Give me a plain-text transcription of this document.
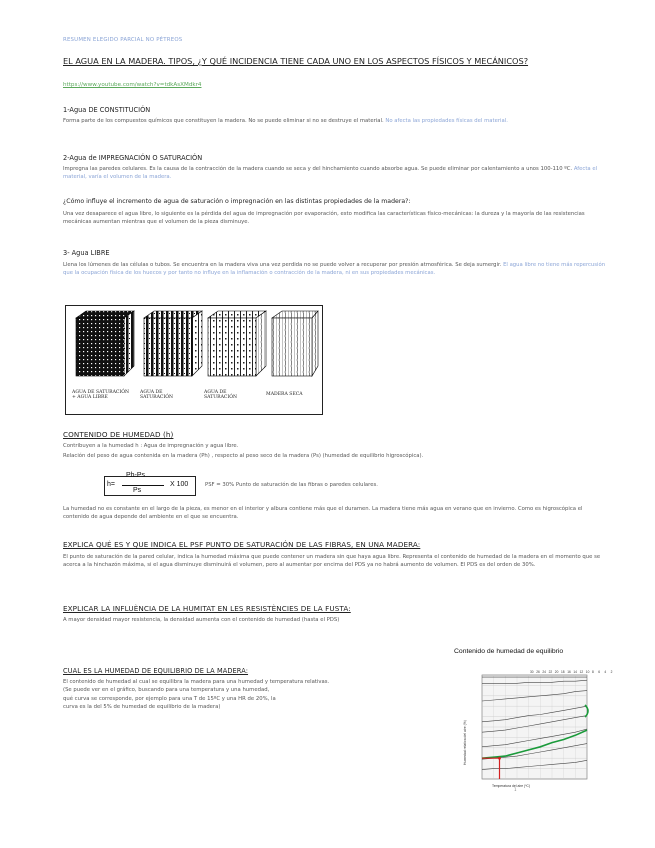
RESUMEN ELEGIDO PARCIAL NO PÉTREOS
EL AGUA EN LA MADERA. TIPOS, ¿Y QUÉ INCIDENCIA TIENE CADA UNO EN LOS ASPECTOS FÍSICOS Y MECÁNICOS?
https://www.youtube.com/watch?v=tdkAsXMdkr4
1-Agua DE CONSTITUCIÓN
Forma parte de los compuestos químicos que constituyen la madera. No se puede eliminar si no se destruye el material. No afecta las propiedades físicas del material.
2-Agua de IMPREGNACIÓN O SATURACIÓN
Impregna las paredes celulares. Es la causa de la contracción de la madera cuando se seca y del hinchamiento cuando absorbe agua. Se puede eliminar por calentamiento a unos 100-110 ºC. Afecta el material, varía el volumen de la madera.
¿Cómo influye el incremento de agua de saturación o impregnación en las distintas propiedades de la madera?:
Una vez desaparece el agua libre, lo siguiente es la pérdida del agua de impregnación por evaporación, esto modifica las características físico-mecánicas: la dureza y la mayoría de las resistencias mecánicas aumentan mientras que el volumen de la pieza disminuye.
3- Agua LIBRE
Llena los lúmenes de las células o tubos. Se encuentra en la madera viva una vez perdida no se puede volver a recuperar por presión atmosférica. Se deja sumergir. El agua libre no tiene más repercusión que la ocupación física de los huecos y por tanto no influye en la inflamación o contracción de la madera, ni en sus propiedades mecánicas.
AGUA DE SATURACIÓN + AGUA LIBRE
AGUA DE SATURACIÓN
AGUA DE SATURACIÓN
MADERA SECA
CONTENIDO DE HUMEDAD (h)
Contribuyen a la humedad h : Agua de impregnación y agua libre.
Relación del peso de agua contenida en la madera (Ph) , respecto al peso seco de la madera (Ps) (humedad de equilibrio higroscópica).
h=
Ph-Ps
Ps
X 100	PSF = 30% Punto de saturación de las fibras o paredes celulares.
La humedad no es constante en el largo de la pieza, es menor en el interior y albura contiene más que el duramen. La madera tiene más agua en verano que en invierno. Como es higroscópica el contenido de agua depende del ambiente en el que se encuentra.
EXPLICA QUÉ ES Y QUE INDICA EL PSF PUNTO DE SATURACIÓN DE LAS FIBRAS, EN UNA MADERA:
El punto de saturación de la pared celular, indica la humedad máxima que puede contener un madera sin que haya agua libre. Representa el contenido de humedad de la madera en el momento que se acerca a la hinchazón máxima, si el agua disminuye disminuirá el volumen, pero al aumentar por encima del PDS ya no habrá aumento de volumen. El PDS es del orden de 30%.
EXPLICAR LA INFLUÈNCIA DE LA HUMITAT EN LES RESISTÈNCIES DE LA FUSTA:
A mayor densidad mayor resistencia, la densidad aumenta con el contenido de humedad (hasta el PDS)
CUAL ES LA HUMEDAD DE EQUILIBRIO DE LA MADERA:
El contenido de humedad al cual se equilibra la madera para una humedad y temperatura relativas.
(Se puede ver en el gráfico, buscando para una temperatura y una humedad,
qué curva se corresponde, por ejemplo para una T de 15ºC y una HR de 20%, la
curva es la del 5% de humedad de equilibrio de la madera)
Contenido de humedad de equilibrio
30 26 24 22 20 18 16 14 12 10 8 6 4 2
Humedad relativa del aire (%)
Temperatura del aire (ºC)
1
